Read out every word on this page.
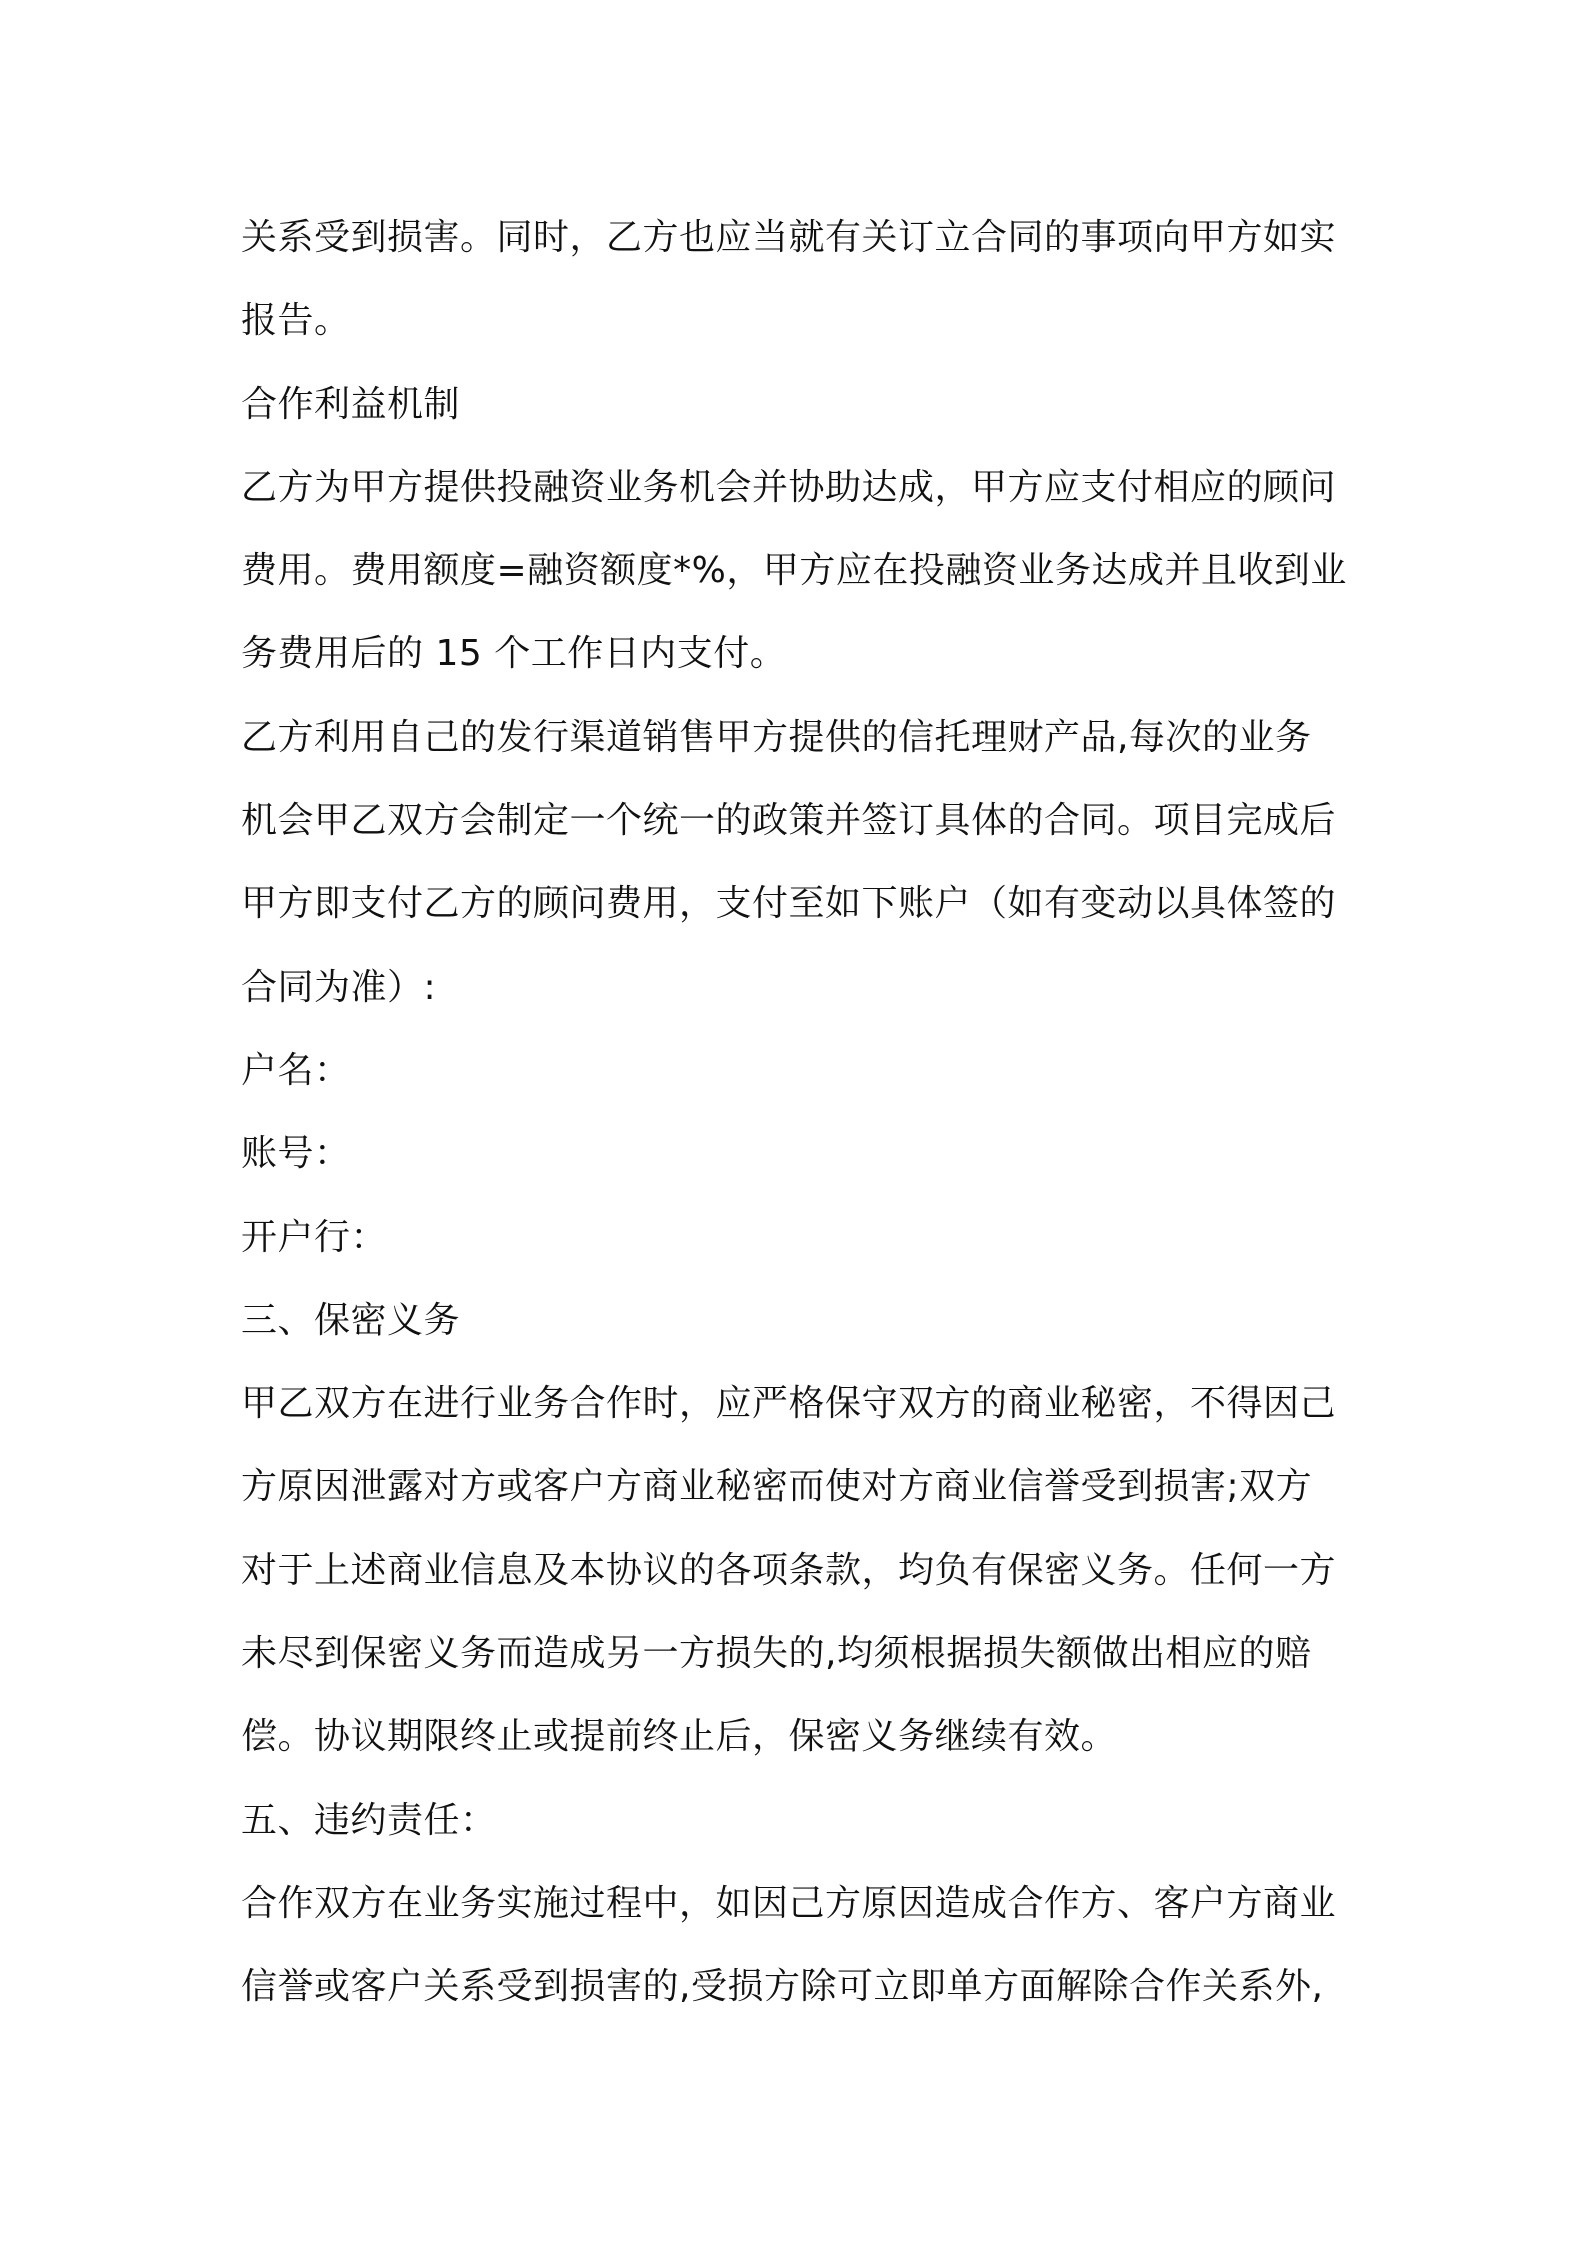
关系受到损害。同时，乙方也应当就有关订立合同的事项向甲方如实
报告。
合作利益机制
乙方为甲方提供投融资业务机会并协助达成，甲方应支付相应的顾问
费用。费用额度=融资额度*%，甲方应在投融资业务达成并且收到业
务费用后的 15 个工作日内支付。
乙方利用自己的发行渠道销售甲方提供的信托理财产品,每次的业务
机会甲乙双方会制定一个统一的政策并签订具体的合同。项目完成后
甲方即支付乙方的顾问费用，支付至如下账户（如有变动以具体签的
合同为准）:
户名：
账号：
开户行：
三、保密义务
甲乙双方在进行业务合作时，应严格保守双方的商业秘密，不得因己
方原因泄露对方或客户方商业秘密而使对方商业信誉受到损害;双方
对于上述商业信息及本协议的各项条款，均负有保密义务。任何一方
未尽到保密义务而造成另一方损失的,均须根据损失额做出相应的赔
偿。协议期限终止或提前终止后，保密义务继续有效。
五、违约责任：
合作双方在业务实施过程中，如因己方原因造成合作方、客户方商业
信誉或客户关系受到损害的,受损方除可立即单方面解除合作关系外,
